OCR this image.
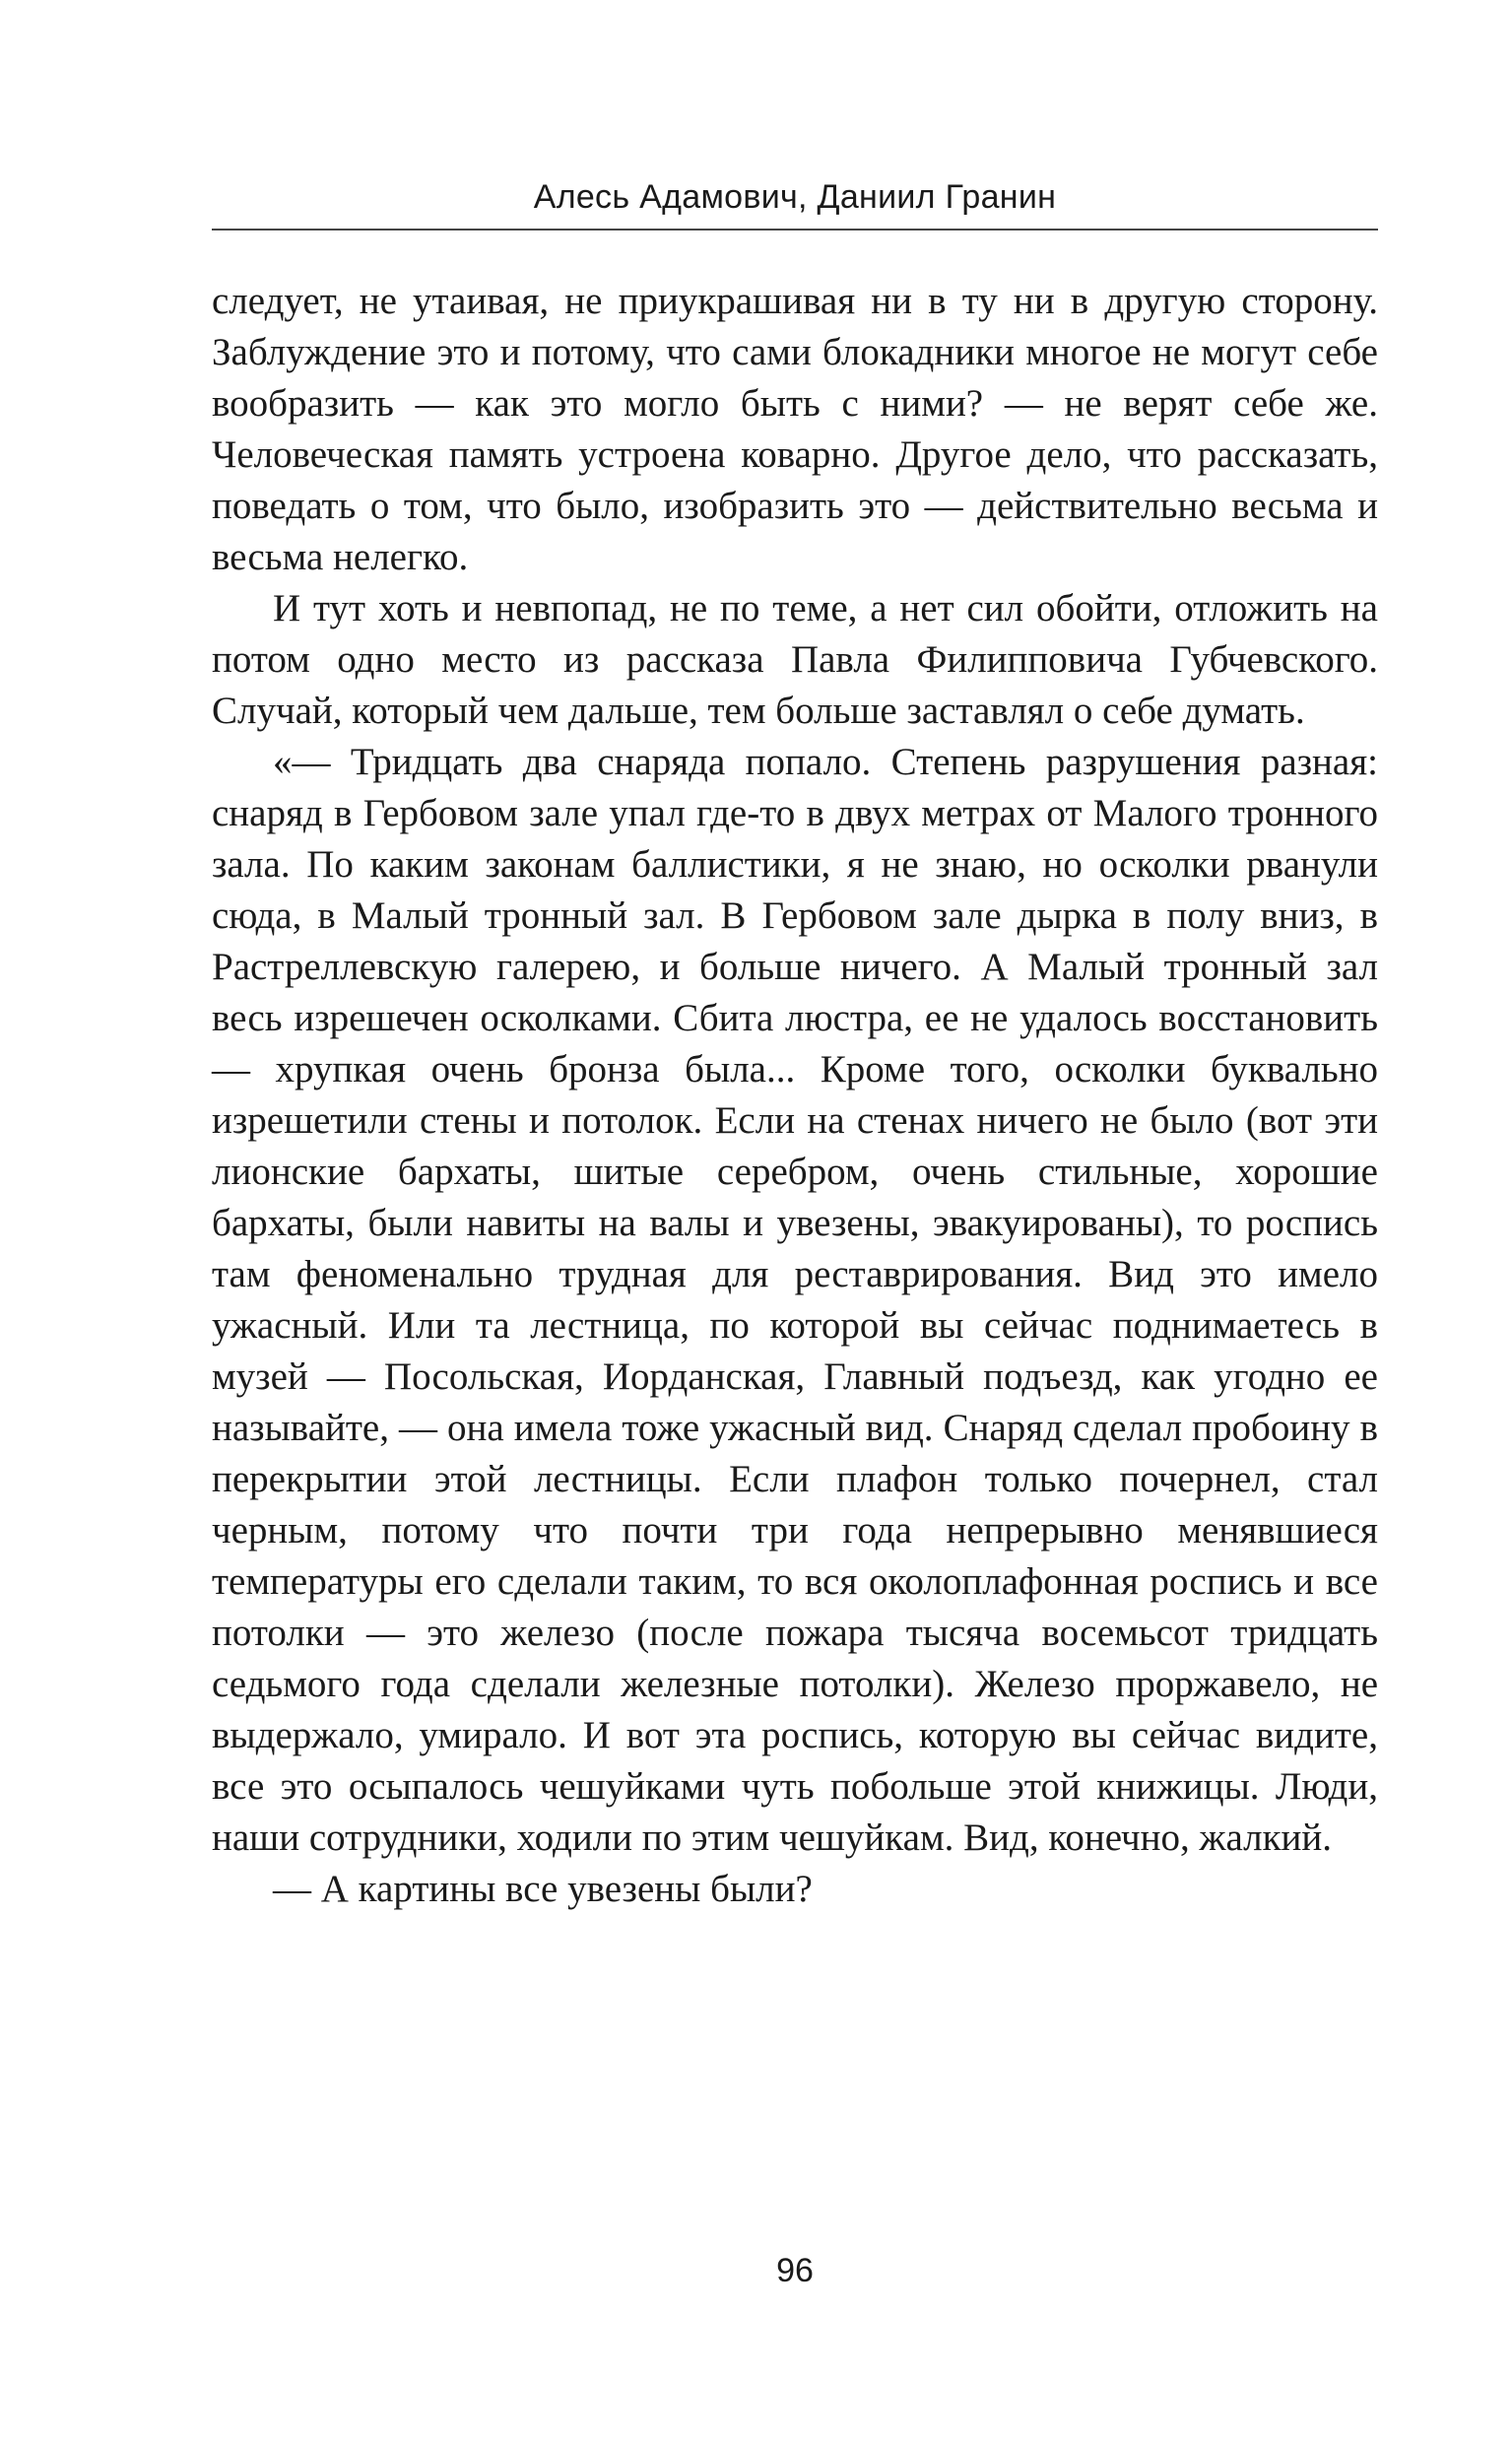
Алесь Адамович, Даниил Гранин

следует, не утаивая, не приукрашивая ни в ту ни в другую сторону. Заблуждение это и потому, что сами блокадники многое не могут себе вообразить — как это могло быть с ними? — не верят себе же. Человеческая память устроена коварно. Другое дело, что рассказать, поведать о том, что было, изобразить это — действительно весьма и весьма нелегко.

И тут хоть и невпопад, не по теме, а нет сил обойти, отложить на потом одно место из рассказа Павла Филипповича Губчевского. Случай, который чем дальше, тем больше заставлял о себе думать.

«— Тридцать два снаряда попало. Степень разрушения разная: снаряд в Гербовом зале упал где-то в двух метрах от Малого тронного зала. По каким законам баллистики, я не знаю, но осколки рванули сюда, в Малый тронный зал. В Гербовом зале дырка в полу вниз, в Растреллевскую галерею, и больше ничего. А Малый тронный зал весь изрешечен осколками. Сбита люстра, ее не удалось восстановить — хрупкая очень бронза была... Кроме того, осколки буквально изрешетили стены и потолок. Если на стенах ничего не было (вот эти лионские бархаты, шитые серебром, очень стильные, хорошие бархаты, были навиты на валы и увезены, эвакуированы), то роспись там феноменально трудная для реставрирования. Вид это имело ужасный. Или та лестница, по которой вы сейчас поднимаетесь в музей — Посольская, Иорданская, Главный подъезд, как угодно ее называйте, — она имела тоже ужасный вид. Снаряд сделал пробоину в перекрытии этой лестницы. Если плафон только почернел, стал черным, потому что почти три года непрерывно менявшиеся температуры его сделали таким, то вся околоплафонная роспись и все потолки — это железо (после пожара тысяча восемьсот тридцать седьмого года сделали железные потолки). Железо проржавело, не выдержало, умирало. И вот эта роспись, которую вы сейчас видите, все это осыпалось чешуйками чуть побольше этой книжицы. Люди, наши сотрудники, ходили по этим чешуйкам. Вид, конечно, жалкий.

— А картины все увезены были?

96
